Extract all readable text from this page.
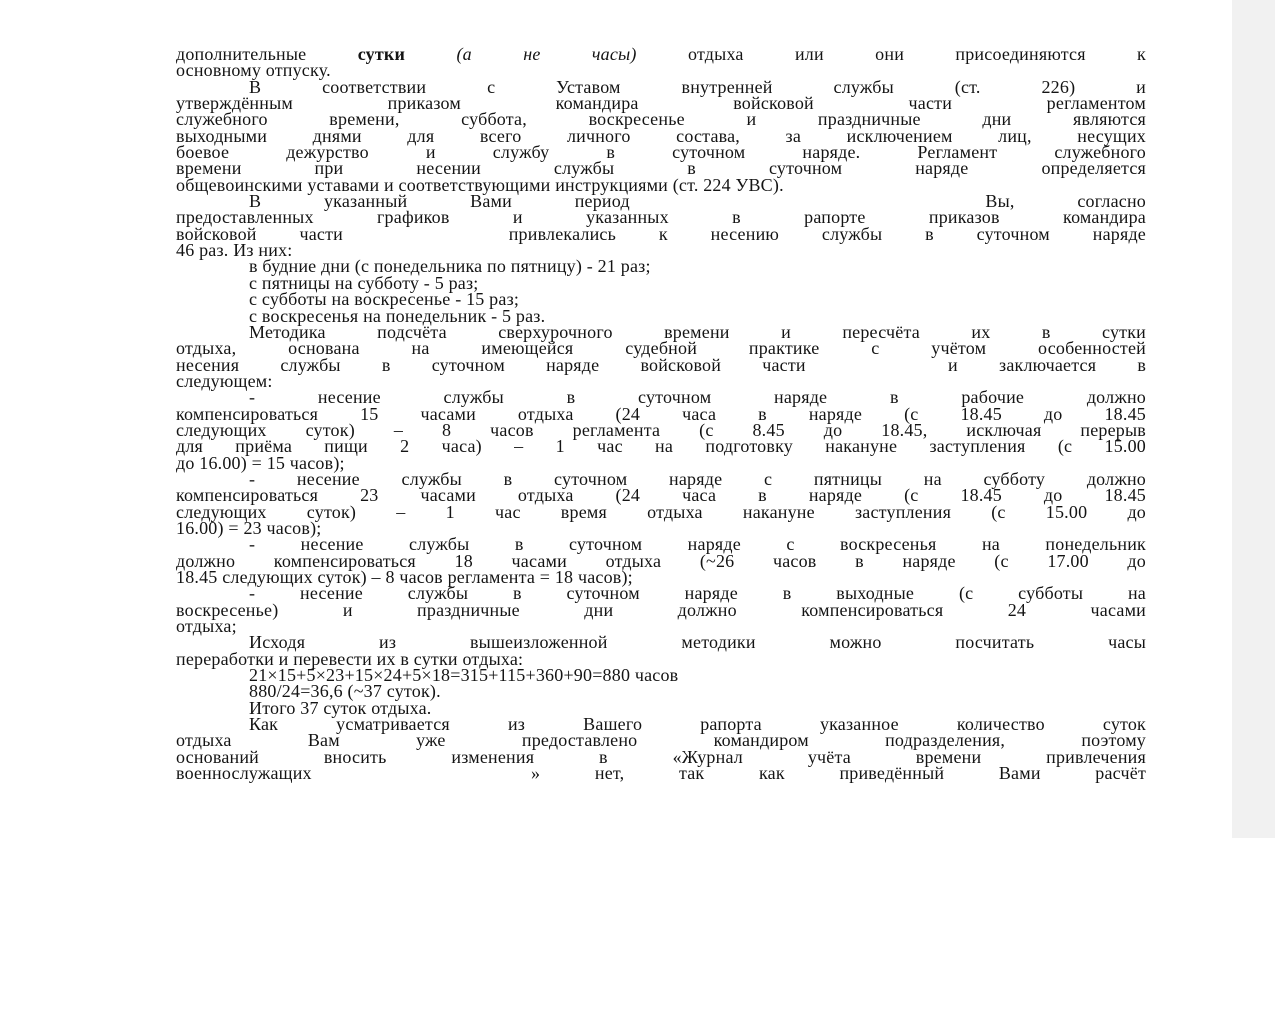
дополнительные сутки (а не часы) отдыха или они присоединяются к
основному отпуску.
В соответствии с Уставом внутренней службы (ст. 226) и
утверждённым приказом командира войсковой части регламентом
служебного времени, суббота, воскресенье и праздничные дни являются
выходными днями для всего личного состава, за исключением лиц, несущих
боевое дежурство и службу в суточном наряде. Регламент служебного
времени при несении службы в суточном наряде определяется
общевоинскими уставами и соответствующими инструкциями (ст. 224 УВС).
В указанный Вами период	Вы, согласно
предоставленных графиков и указанных в рапорте приказов командира
войсковой части	привлекались к несению службы в суточном наряде
46 раз. Из них:
в будние дни (с понедельника по пятницу) - 21 раз;
с пятницы на субботу - 5 раз;
с субботы на воскресенье - 15 раз;
с воскресенья на понедельник - 5 раз.
Методика подсчёта сверхурочного времени и пересчёта их в сутки
отдыха, основана на имеющейся судебной практике с учётом особенностей
несения службы в суточном наряде войсковой части	и заключается в
следующем:
- несение службы в суточном наряде в рабочие должно
компенсироваться 15 часами отдыха (24 часа в наряде (с 18.45 до 18.45
следующих суток) – 8 часов регламента (с 8.45 до 18.45, исключая перерыв
для приёма пищи 2 часа) – 1 час на подготовку накануне заступления (с 15.00
до 16.00) = 15 часов);
- несение службы в суточном наряде с пятницы на субботу должно
компенсироваться 23 часами отдыха (24 часа в наряде (с 18.45 до 18.45
следующих суток) – 1 час время отдыха накануне заступления (с 15.00 до
16.00) = 23 часов);
- несение службы в суточном наряде с воскресенья на понедельник
должно компенсироваться 18 часами отдыха (~26 часов в наряде (с 17.00 до
18.45 следующих суток) – 8 часов регламента = 18 часов);
- несение службы в суточном наряде в выходные (с субботы на
воскресенье) и праздничные дни должно компенсироваться 24 часами
отдыха;
Исходя из вышеизложенной методики можно посчитать часы
переработки и перевести их в сутки отдыха:
21×15+5×23+15×24+5×18=315+115+360+90=880 часов
880/24=36,6 (~37 суток).
Итого 37 суток отдыха.
Как усматривается из Вашего рапорта указанное количество суток
отдыха Вам уже предоставлено командиром подразделения, поэтому
оснований вносить изменения в «Журнал учёта времени привлечения
военнослужащих	» нет, так как приведённый Вами расчёт
